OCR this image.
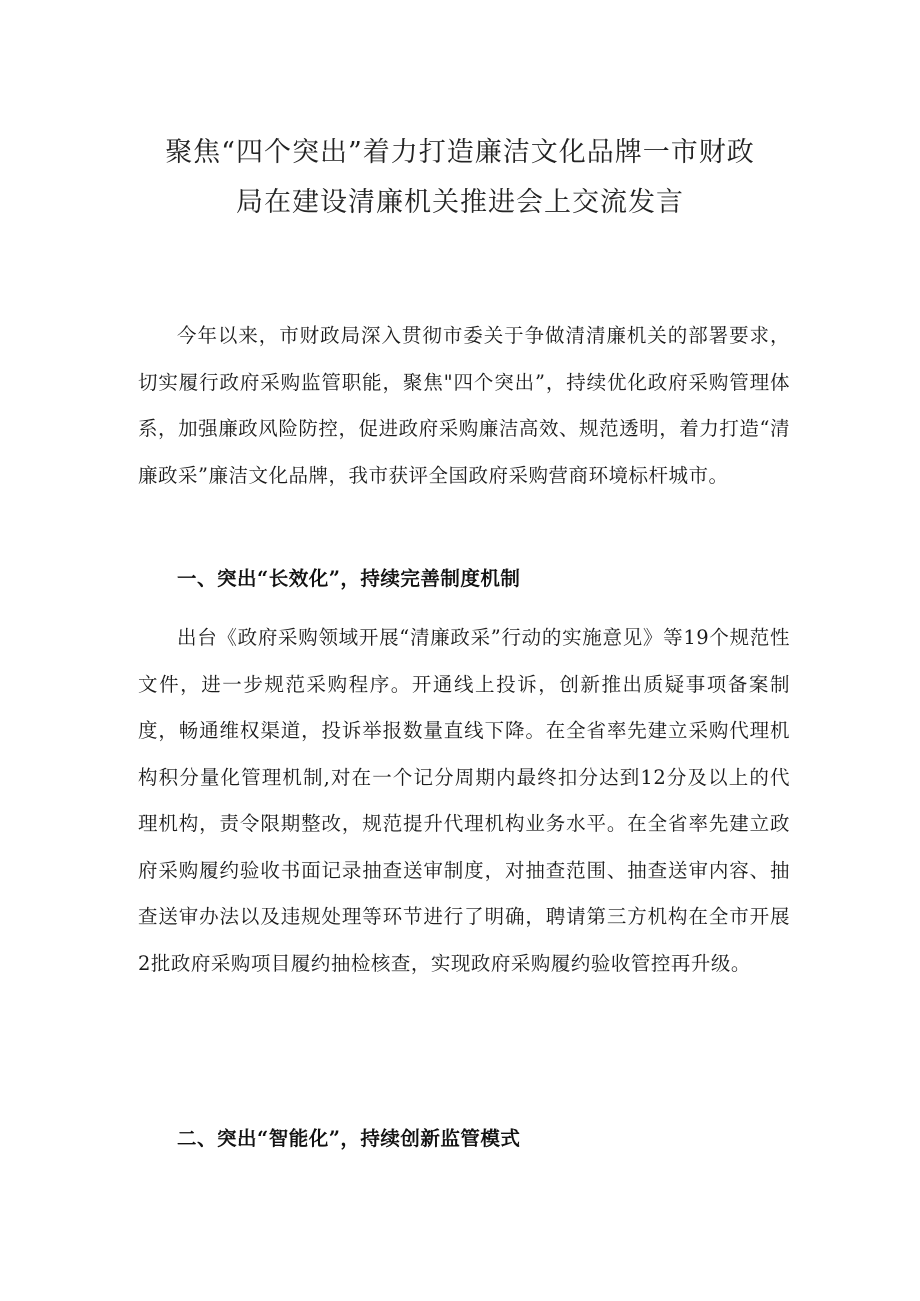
聚焦“四个突出”着力打造廉洁文化品牌一市财政
局在建设清廉机关推进会上交流发言

今年以来，市财政局深入贯彻市委关于争做清清廉机关的部署要求，切实履行政府采购监管职能，聚焦"四个突出”，持续优化政府采购管理体系，加强廉政风险防控，促进政府采购廉洁高效、规范透明，着力打造“清廉政采”廉洁文化品牌，我市获评全国政府采购营商环境标杆城市。

一、突出“长效化”，持续完善制度机制

出台《政府采购领域开展“清廉政采”行动的实施意见》等19个规范性文件，进一步规范采购程序。开通线上投诉，创新推出质疑事项备案制度，畅通维权渠道，投诉举报数量直线下降。在全省率先建立采购代理机构积分量化管理机制,对在一个记分周期内最终扣分达到12分及以上的代理机构，责令限期整改，规范提升代理机构业务水平。在全省率先建立政府采购履约验收书面记录抽查送审制度，对抽查范围、抽查送审内容、抽查送审办法以及违规处理等环节进行了明确，聘请第三方机构在全市开展2批政府采购项目履约抽检核查，实现政府采购履约验收管控再升级。

二、突出“智能化”，持续创新监管模式
